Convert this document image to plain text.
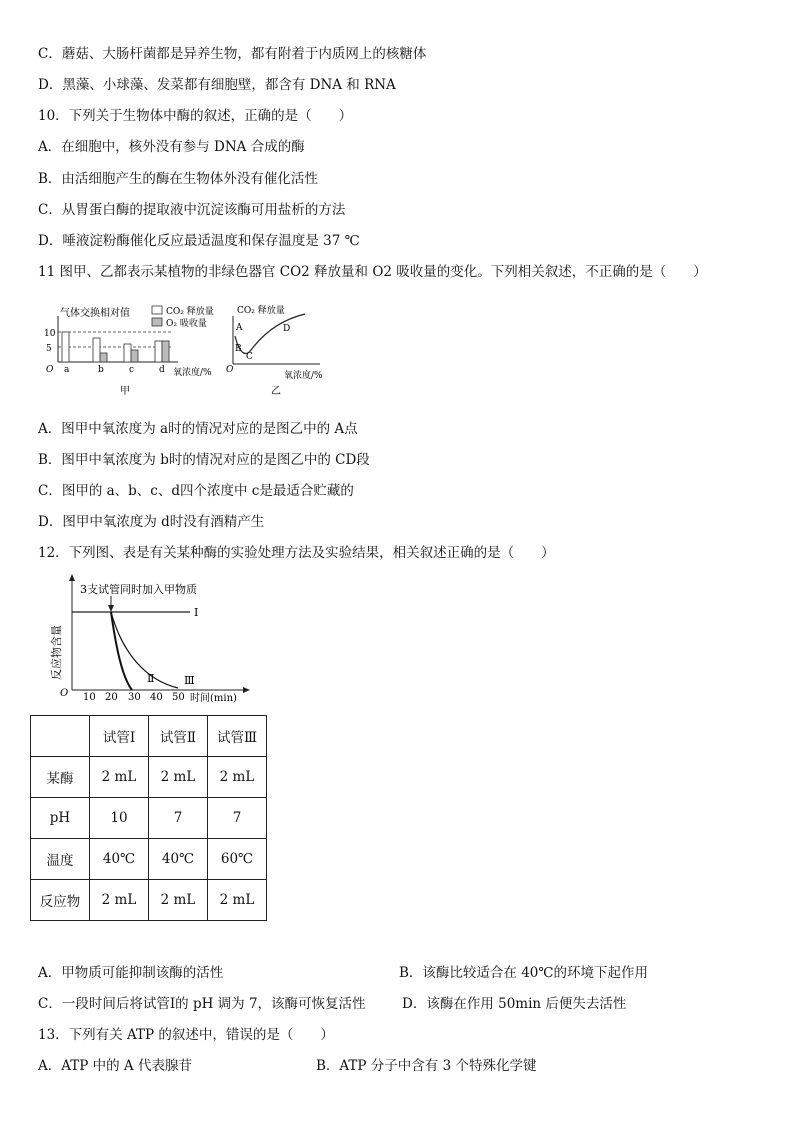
C．蘑菇、大肠杆菌都是异养生物，都有附着于内质网上的核糖体
D．黑藻、小球藻、发菜都有细胞壁，都含有 DNA 和 RNA
10．下列关于生物体中酶的叙述，正确的是（　　）
A．在细胞中，核外没有参与 DNA 合成的酶
B．由活细胞产生的酶在生物体外没有催化活性
C．从胃蛋白酶的提取液中沉淀该酶可用盐析的方法
D．唾液淀粉酶催化反应最适温度和保存温度是 37 ℃
11 图甲、乙都表示某植物的非绿色器官 CO2 释放量和 O2 吸收量的变化。下列相关叙述，不正确的是（　　）
气体交换相对值	CO₂ 释放量
O₂ 吸收量
10
5
O a	b	c	d 氧浓度/%
甲
CO₂ 释放量
A
B
C
D
O
氧浓度/%
乙
A．图甲中氧浓度为 a时的情况对应的是图乙中的 A点
B．图甲中氧浓度为 b时的情况对应的是图乙中的 CD段
C．图甲的 a、b、c、d四个浓度中 c是最适合贮藏的
D．图甲中氧浓度为 d时没有酒精产生
12．下列图、表是有关某种酶的实验处理方法及实验结果，相关叙述正确的是（　　）
反应物含量
3支试管同时加入甲物质
Ⅰ
Ⅱ	Ⅲ
O 10 20 30 40 50 时间(min)
	试管Ⅰ	试管Ⅱ	试管Ⅲ
某酶	2 mL	2 mL	2 mL
pH	10	7	7
温度	40℃	40℃	60℃
反应物	2 mL	2 mL	2 mL
A．甲物质可能抑制该酶的活性	B．该酶比较适合在 40℃的环境下起作用
C．一段时间后将试管Ⅰ的 pH 调为 7，该酶可恢复活性	D．该酶在作用 50min 后便失去活性
13．下列有关 ATP 的叙述中，错误的是（　　）
A．ATP 中的 A 代表腺苷	B．ATP 分子中含有 3 个特殊化学键
